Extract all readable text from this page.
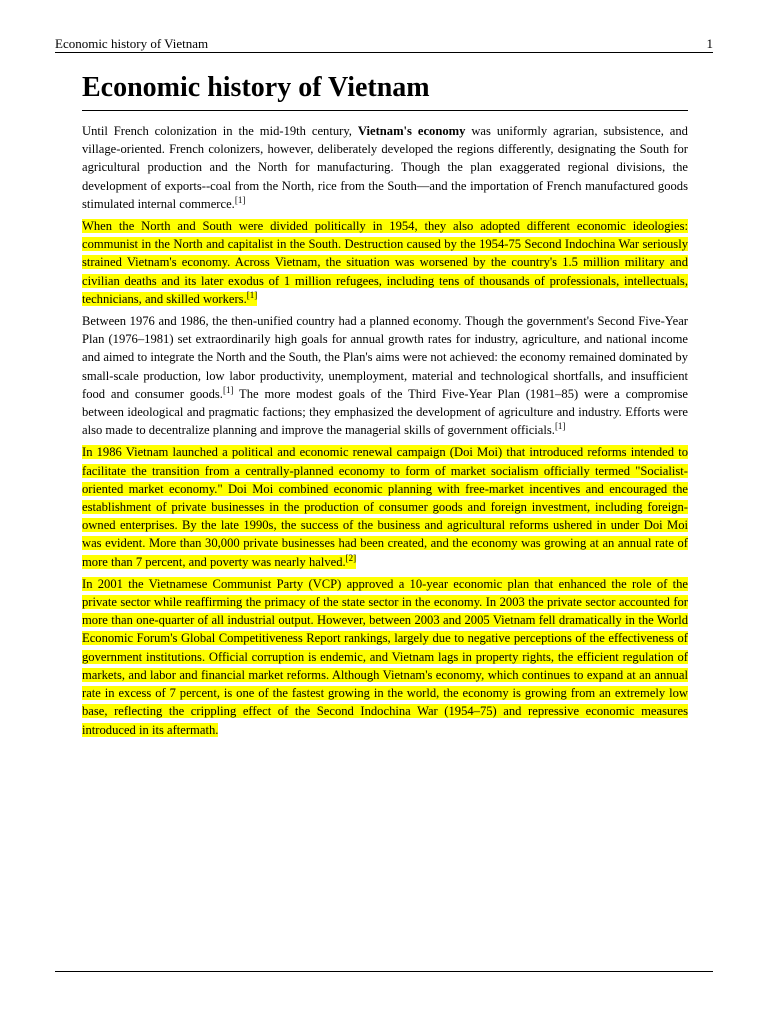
Economic history of Vietnam	1
Economic history of Vietnam

Until French colonization in the mid-19th century, Vietnam's economy was uniformly agrarian, subsistence, and village-oriented. French colonizers, however, deliberately developed the regions differently, designating the South for agricultural production and the North for manufacturing. Though the plan exaggerated regional divisions, the development of exports--coal from the North, rice from the South—and the importation of French manufactured goods stimulated internal commerce.[1]

When the North and South were divided politically in 1954, they also adopted different economic ideologies: communist in the North and capitalist in the South. Destruction caused by the 1954-75 Second Indochina War seriously strained Vietnam's economy. Across Vietnam, the situation was worsened by the country's 1.5 million military and civilian deaths and its later exodus of 1 million refugees, including tens of thousands of professionals, intellectuals, technicians, and skilled workers.[1]

Between 1976 and 1986, the then-unified country had a planned economy. Though the government's Second Five-Year Plan (1976–1981) set extraordinarily high goals for annual growth rates for industry, agriculture, and national income and aimed to integrate the North and the South, the Plan's aims were not achieved: the economy remained dominated by small-scale production, low labor productivity, unemployment, material and technological shortfalls, and insufficient food and consumer goods.[1] The more modest goals of the Third Five-Year Plan (1981–85) were a compromise between ideological and pragmatic factions; they emphasized the development of agriculture and industry. Efforts were also made to decentralize planning and improve the managerial skills of government officials.[1]

In 1986 Vietnam launched a political and economic renewal campaign (Doi Moi) that introduced reforms intended to facilitate the transition from a centrally-planned economy to form of market socialism officially termed "Socialist-oriented market economy." Doi Moi combined economic planning with free-market incentives and encouraged the establishment of private businesses in the production of consumer goods and foreign investment, including foreign-owned enterprises. By the late 1990s, the success of the business and agricultural reforms ushered in under Doi Moi was evident. More than 30,000 private businesses had been created, and the economy was growing at an annual rate of more than 7 percent, and poverty was nearly halved.[2]

In 2001 the Vietnamese Communist Party (VCP) approved a 10-year economic plan that enhanced the role of the private sector while reaffirming the primacy of the state sector in the economy. In 2003 the private sector accounted for more than one-quarter of all industrial output. However, between 2003 and 2005 Vietnam fell dramatically in the World Economic Forum's Global Competitiveness Report rankings, largely due to negative perceptions of the effectiveness of government institutions. Official corruption is endemic, and Vietnam lags in property rights, the efficient regulation of markets, and labor and financial market reforms. Although Vietnam's economy, which continues to expand at an annual rate in excess of 7 percent, is one of the fastest growing in the world, the economy is growing from an extremely low base, reflecting the crippling effect of the Second Indochina War (1954–75) and repressive economic measures introduced in its aftermath.
